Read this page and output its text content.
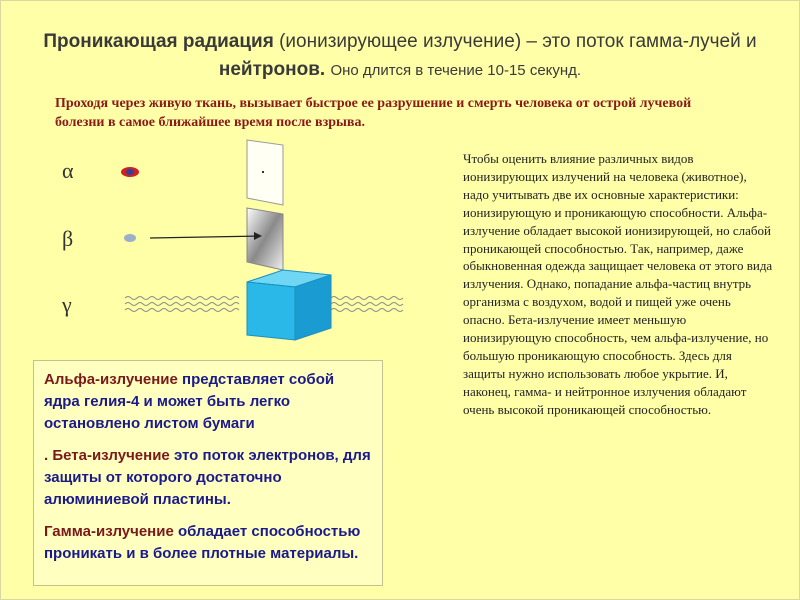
Проникающая радиация (ионизирующее излучение) – это поток гамма-лучей и
нейтронов. Оно длится в течение 10-15 секунд.
Проходя через живую ткань, вызывает быстрое ее разрушение и смерть человека от острой лучевой болезни в самое ближайшее время после взрыва.
α
β
γ
Чтобы оценить влияние различных видов ионизирующих излучений на человека (животное), надо учитывать две их основные характеристики: ионизирующую и проникающую способности. Альфа-излучение обладает высокой ионизирующей, но слабой проникающей способностью. Так, например, даже обыкновенная одежда защищает человека от этого вида излучения. Однако, попадание альфа-частиц внутрь организма с воздухом, водой и пищей уже очень опасно. Бета-излучение имеет меньшую ионизирующую способность, чем альфа-излучение, но большую проникающую способность. Здесь для защиты нужно использовать любое укрытие. И, наконец, гамма- и нейтронное излучения обладают очень высокой проникающей способностью.

Альфа-излучение представляет собой ядра гелия-4 и может быть легко остановлено листом бумаги

. Бета-излучение это поток электронов, для защиты от которого достаточно алюминиевой пластины.

Гамма-излучение обладает способностью проникать и в более плотные материалы.
